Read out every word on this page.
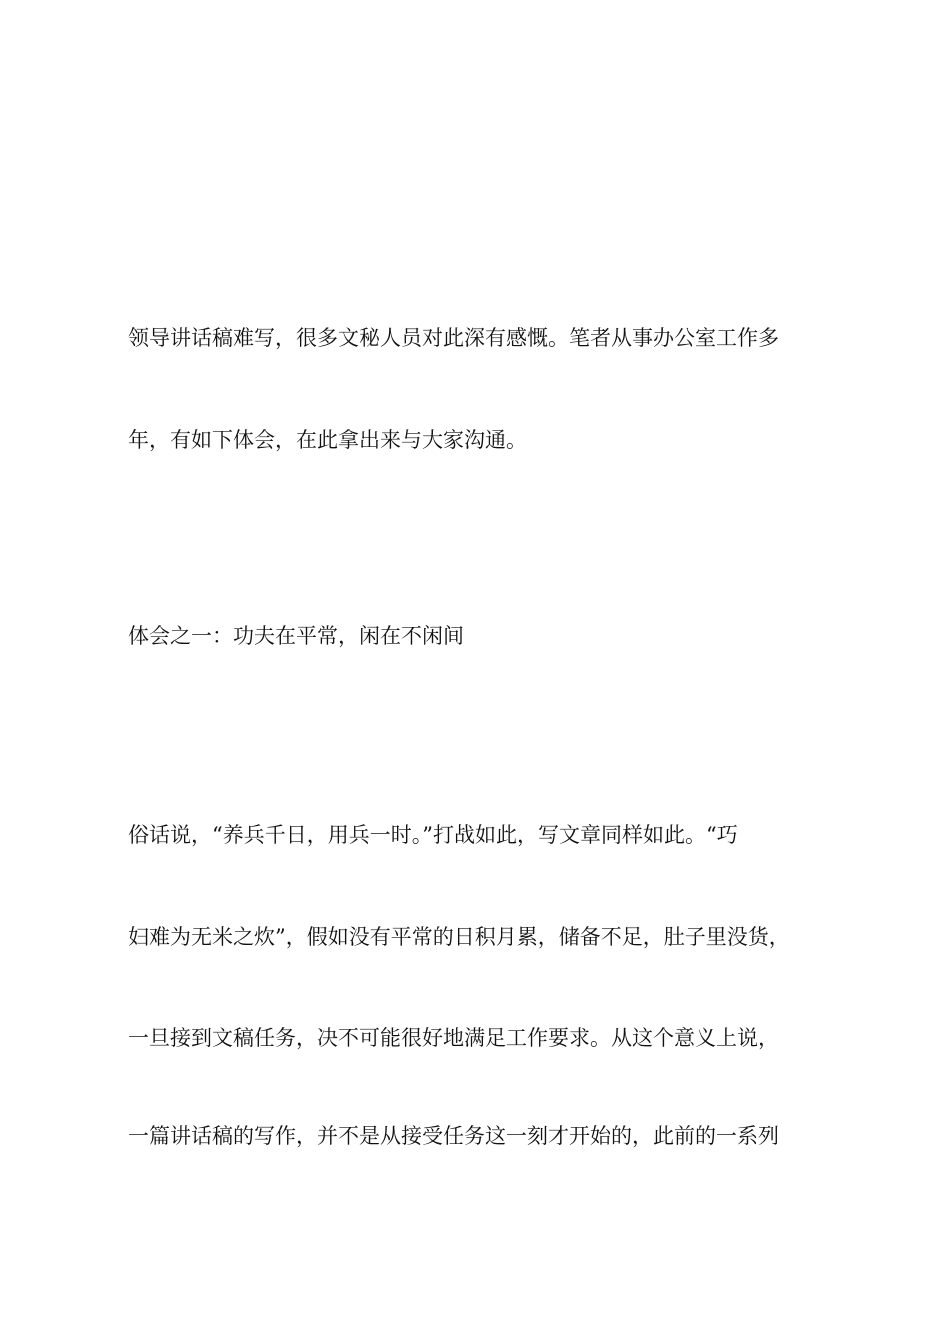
领导讲话稿难写，很多文秘人员对此深有感慨。笔者从事办公室工作多

年，有如下体会，在此拿出来与大家沟通。

体会之一：功夫在平常，闲在不闲间

俗话说，“养兵千日，用兵一时。”打战如此，写文章同样如此。“巧

妇难为无米之炊”，假如没有平常的日积月累，储备不足，肚子里没货，

一旦接到文稿任务，决不可能很好地满足工作要求。从这个意义上说，

一篇讲话稿的写作，并不是从接受任务这一刻才开始的，此前的一系列
